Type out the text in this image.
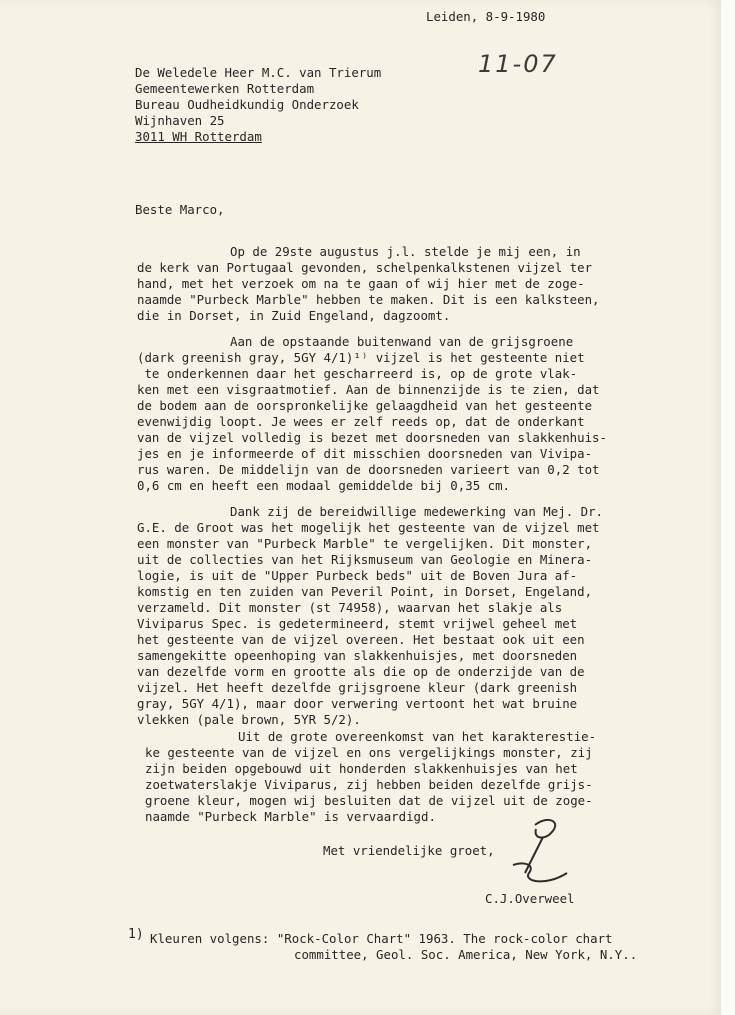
Leiden, 8-9-1980
11-07
De Weledele Heer M.C. van Trierum
Gemeentewerken Rotterdam
Bureau Oudheidkundig Onderzoek
Wijnhaven 25
3011 WH Rotterdam
Beste Marco,
Op de 29ste augustus j.l. stelde je mij een, in
de kerk van Portugaal gevonden, schelpenkalkstenen vijzel ter
hand, met het verzoek om na te gaan of wij hier met de zoge-
naamde "Purbeck Marble" hebben te maken. Dit is een kalksteen,
die in Dorset, in Zuid Engeland, dagzoomt.
Aan de opstaande buitenwand van de grijsgroene
(dark greenish gray, 5GY 4/1)¹⁾ vijzel is het gesteente niet
te onderkennen daar het gescharreerd is, op de grote vlak-
ken met een visgraatmotief. Aan de binnenzijde is te zien, dat
de bodem aan de oorspronkelijke gelaagdheid van het gesteente
evenwijdig loopt. Je wees er zelf reeds op, dat de onderkant
van de vijzel volledig is bezet met doorsneden van slakkenhuis-
jes en je informeerde of dit misschien doorsneden van Vivipa-
rus waren. De middelijn van de doorsneden varieert van 0,2 tot
0,6 cm en heeft een modaal gemiddelde bij 0,35 cm.
Dank zij de bereidwillige medewerking van Mej. Dr.
G.E. de Groot was het mogelijk het gesteente van de vijzel met
een monster van "Purbeck Marble" te vergelijken. Dit monster,
uit de collecties van het Rijksmuseum van Geologie en Minera-
logie, is uit de "Upper Purbeck beds" uit de Boven Jura af-
komstig en ten zuiden van Peveril Point, in Dorset, Engeland,
verzameld. Dit monster (st 74958), waarvan het slakje als
Viviparus Spec. is gedetermineerd, stemt vrijwel geheel met
het gesteente van de vijzel overeen. Het bestaat ook uit een
samengekitte opeenhoping van slakkenhuisjes, met doorsneden
van dezelfde vorm en grootte als die op de onderzijde van de
vijzel. Het heeft dezelfde grijsgroene kleur (dark greenish
gray, 5GY 4/1), maar door verwering vertoont het wat bruine
vlekken (pale brown, 5YR 5/2).
Uit de grote overeenkomst van het karakterestie-
ke gesteente van de vijzel en ons vergelijkings monster, zij
zijn beiden opgebouwd uit honderden slakkenhuisjes van het
zoetwaterslakje Viviparus, zij hebben beiden dezelfde grijs-
groene kleur, mogen wij besluiten dat de vijzel uit de zoge-
naamde "Purbeck Marble" is vervaardigd.
Met vriendelijke groet,
C.J.Overweel
1) Kleuren volgens: "Rock-Color Chart" 1963. The rock-color chart
committee, Geol. Soc. America, New York, N.Y..
